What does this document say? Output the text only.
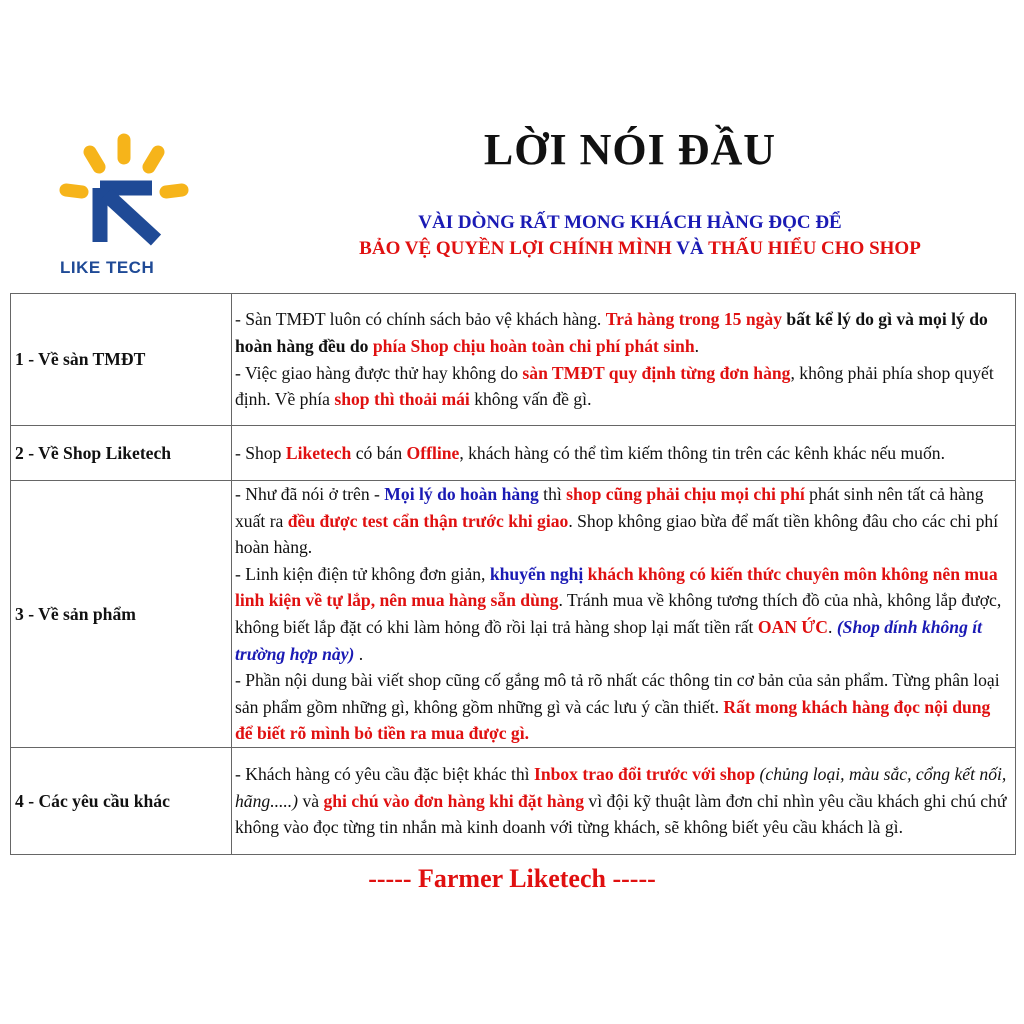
LIKE TECH
LỜI NÓI ĐẦU
VÀI DÒNG RẤT MONG KHÁCH HÀNG ĐỌC ĐỂ
BẢO VỆ QUYỀN LỢI CHÍNH MÌNH VÀ THẤU HIỂU CHO SHOP
1 - Về sàn TMĐT	- Sàn TMĐT luôn có chính sách bảo vệ khách hàng. Trả hàng trong 15 ngày bất kể lý do gì và mọi lý do hoàn hàng đều do phía Shop chịu hoàn toàn chi phí phát sinh.
- Việc giao hàng được thử hay không do sàn TMĐT quy định từng đơn hàng, không phải phía shop quyết định. Về phía shop thì thoải mái không vấn đề gì.

2 - Về Shop Liketech	- Shop Liketech có bán Offline, khách hàng có thể tìm kiếm thông tin trên các kênh khác nếu muốn.

3 - Về sản phẩm	- Như đã nói ở trên - Mọi lý do hoàn hàng thì shop cũng phải chịu mọi chi phí phát sinh nên tất cả hàng xuất ra đều được test cẩn thận trước khi giao. Shop không giao bừa để mất tiền không đâu cho các chi phí hoàn hàng.
- Linh kiện điện tử không đơn giản, khuyến nghị khách không có kiến thức chuyên môn không nên mua linh kiện về tự lắp, nên mua hàng sẵn dùng. Tránh mua về không tương thích đồ của nhà, không lắp được, không biết lắp đặt có khi làm hỏng đồ rồi lại trả hàng shop lại mất tiền rất OAN ỨC. (Shop dính không ít trường hợp này) .
- Phần nội dung bài viết shop cũng cố gắng mô tả rõ nhất các thông tin cơ bản của sản phẩm. Từng phân loại sản phẩm gồm những gì, không gồm những gì và các lưu ý cần thiết. Rất mong khách hàng đọc nội dung để biết rõ mình bỏ tiền ra mua được gì.

4 - Các yêu cầu khác	- Khách hàng có yêu cầu đặc biệt khác thì Inbox trao đổi trước với shop (chủng loại, màu sắc, cổng kết nối, hãng.....) và ghi chú vào đơn hàng khi đặt hàng vì đội kỹ thuật làm đơn chỉ nhìn yêu cầu khách ghi chú chứ không vào đọc từng tin nhắn mà kinh doanh với từng khách, sẽ không biết yêu cầu khách là gì.
----- Farmer Liketech -----
